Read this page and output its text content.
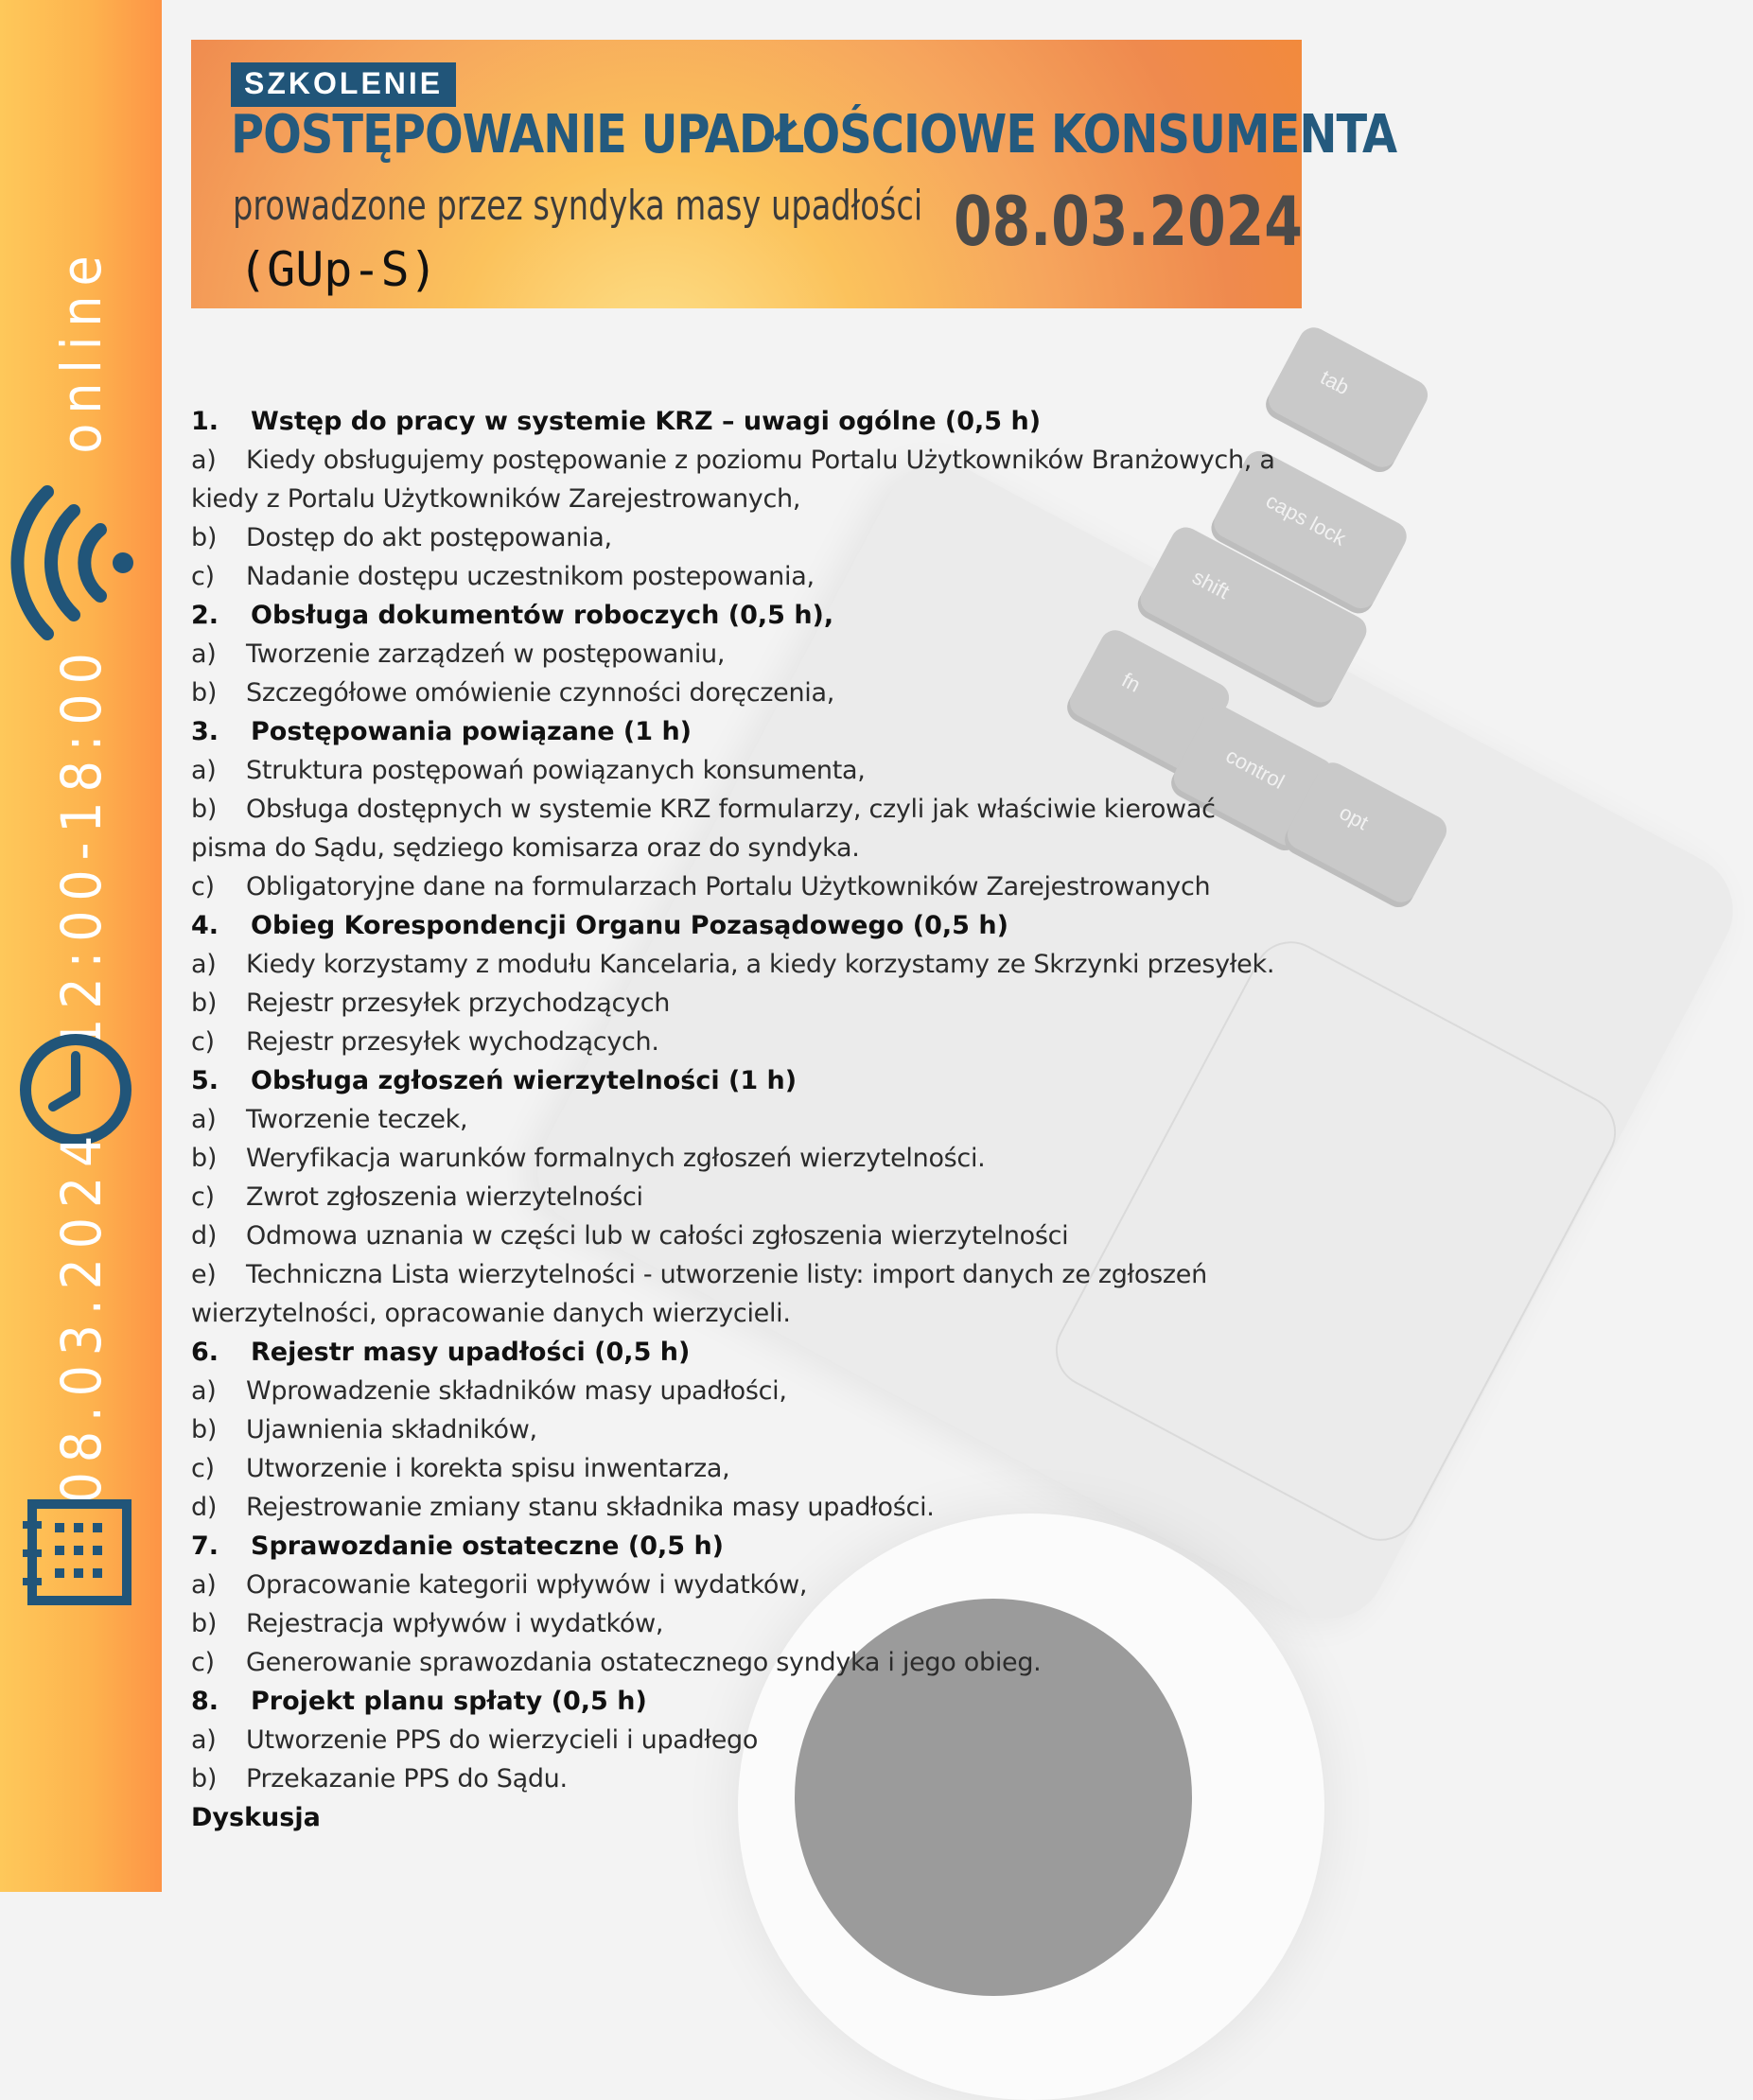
tab
caps lock
shift
fn
control
opt
online
12:00-18:00
08.03.2024
SZKOLENIE
POSTĘPOWANIE UPADŁOŚCIOWE KONSUMENTA
prowadzone przez syndyka masy upadłości 08.03.2024
(GUp-S)
1. Wstęp do pracy w systemie KRZ – uwagi ogólne (0,5 h)
a) Kiedy obsługujemy postępowanie z poziomu Portalu Użytkowników Branżowych, a kiedy z Portalu Użytkowników Zarejestrowanych,
b) Dostęp do akt postępowania,
c) Nadanie dostępu uczestnikom postepowania,
2. Obsługa dokumentów roboczych (0,5 h),
a) Tworzenie zarządzeń w postępowaniu,
b) Szczegółowe omówienie czynności doręczenia,
3. Postępowania powiązane (1 h)
a) Struktura postępowań powiązanych konsumenta,
b) Obsługa dostępnych w systemie KRZ formularzy, czyli jak właściwie kierować pisma do Sądu, sędziego komisarza oraz do syndyka.
c) Obligatoryjne dane na formularzach Portalu Użytkowników Zarejestrowanych
4. Obieg Korespondencji Organu Pozasądowego (0,5 h)
a) Kiedy korzystamy z modułu Kancelaria, a kiedy korzystamy ze Skrzynki przesyłek.
b) Rejestr przesyłek przychodzących
c) Rejestr przesyłek wychodzących.
5. Obsługa zgłoszeń wierzytelności (1 h)
a) Tworzenie teczek,
b) Weryfikacja warunków formalnych zgłoszeń wierzytelności.
c) Zwrot zgłoszenia wierzytelności
d) Odmowa uznania w części lub w całości zgłoszenia wierzytelności
e) Techniczna Lista wierzytelności - utworzenie listy: import danych ze zgłoszeń wierzytelności, opracowanie danych wierzycieli.
6. Rejestr masy upadłości (0,5 h)
a) Wprowadzenie składników masy upadłości,
b) Ujawnienia składników,
c) Utworzenie i korekta spisu inwentarza,
d) Rejestrowanie zmiany stanu składnika masy upadłości.
7. Sprawozdanie ostateczne (0,5 h)
a) Opracowanie kategorii wpływów i wydatków,
b) Rejestracja wpływów i wydatków,
c) Generowanie sprawozdania ostatecznego syndyka i jego obieg.
8. Projekt planu spłaty (0,5 h)
a) Utworzenie PPS do wierzycieli i upadłego
b) Przekazanie PPS do Sądu.
Dyskusja
